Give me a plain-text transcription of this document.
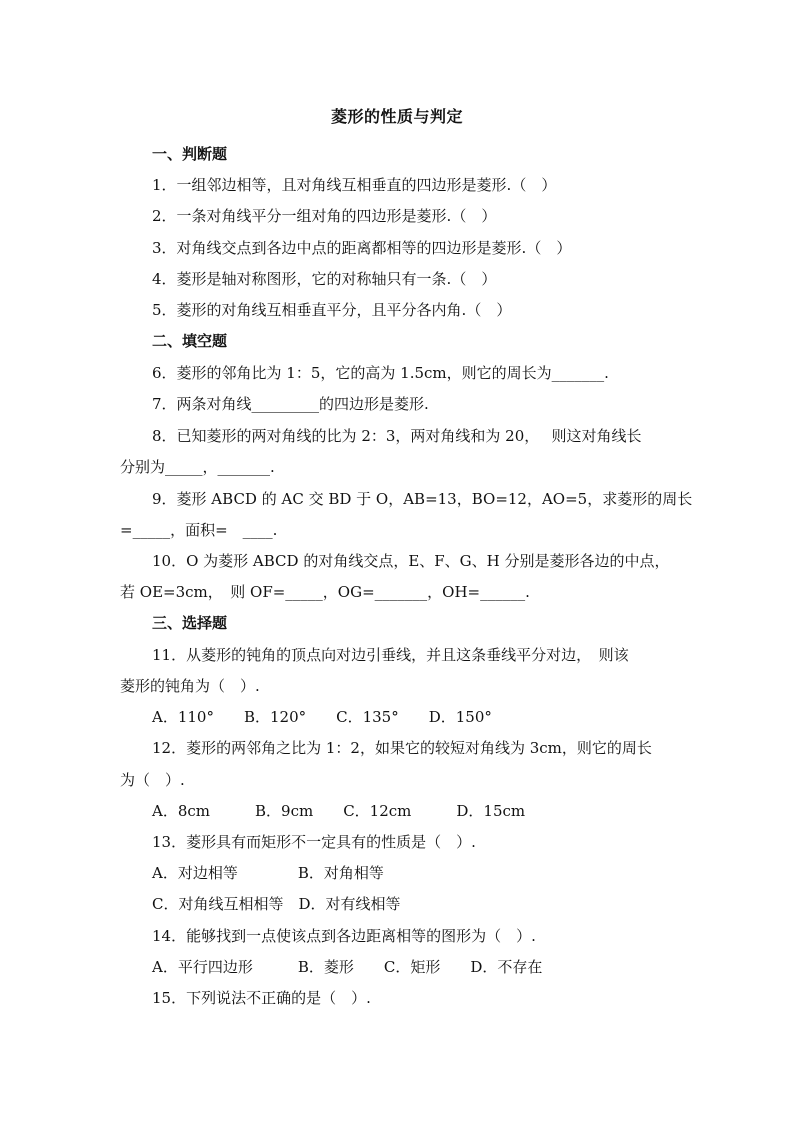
菱形的性质与判定
一、判断题
1．一组邻边相等，且对角线互相垂直的四边形是菱形.（　）
2．一条对角线平分一组对角的四边形是菱形.（　）
3．对角线交点到各边中点的距离都相等的四边形是菱形.（　）
4．菱形是轴对称图形，它的对称轴只有一条.（　）
5．菱形的对角线互相垂直平分，且平分各内角.（　）
二、填空题
6．菱形的邻角比为 1：5，它的高为 1.5cm，则它的周长为_______.
7．两条对角线_________的四边形是菱形.
8．已知菱形的两对角线的比为 2：3，两对角线和为 20，　 则这对角线长
分别为_____，_______.
9．菱形 ABCD 的 AC 交 BD 于 O，AB=13，BO=12，AO=5，求菱形的周长
=_____，面积=　____.
10．O 为菱形 ABCD 的对角线交点，E、F、G、H 分别是菱形各边的中点，
若 OE=3cm，　则 OF=_____，OG=_______，OH=______.
三、选择题
11．从菱形的钝角的顶点向对边引垂线，并且这条垂线平分对边，　则该
菱形的钝角为（　）.
A．110°　　B．120°　　C．135°　　D．150°
12．菱形的两邻角之比为 1：2，如果它的较短对角线为 3cm，则它的周长
为（　）.
A．8cm　　　B．9cm　　C．12cm　　　D．15cm
13．菱形具有而矩形不一定具有的性质是（　）.
A．对边相等　　　　B．对角相等
C．对角线互相相等　D．对有线相等
14．能够找到一点使该点到各边距离相等的图形为（　）.
A．平行四边形　　　B．菱形　　C．矩形　　D．不存在
15．下列说法不正确的是（　）.
